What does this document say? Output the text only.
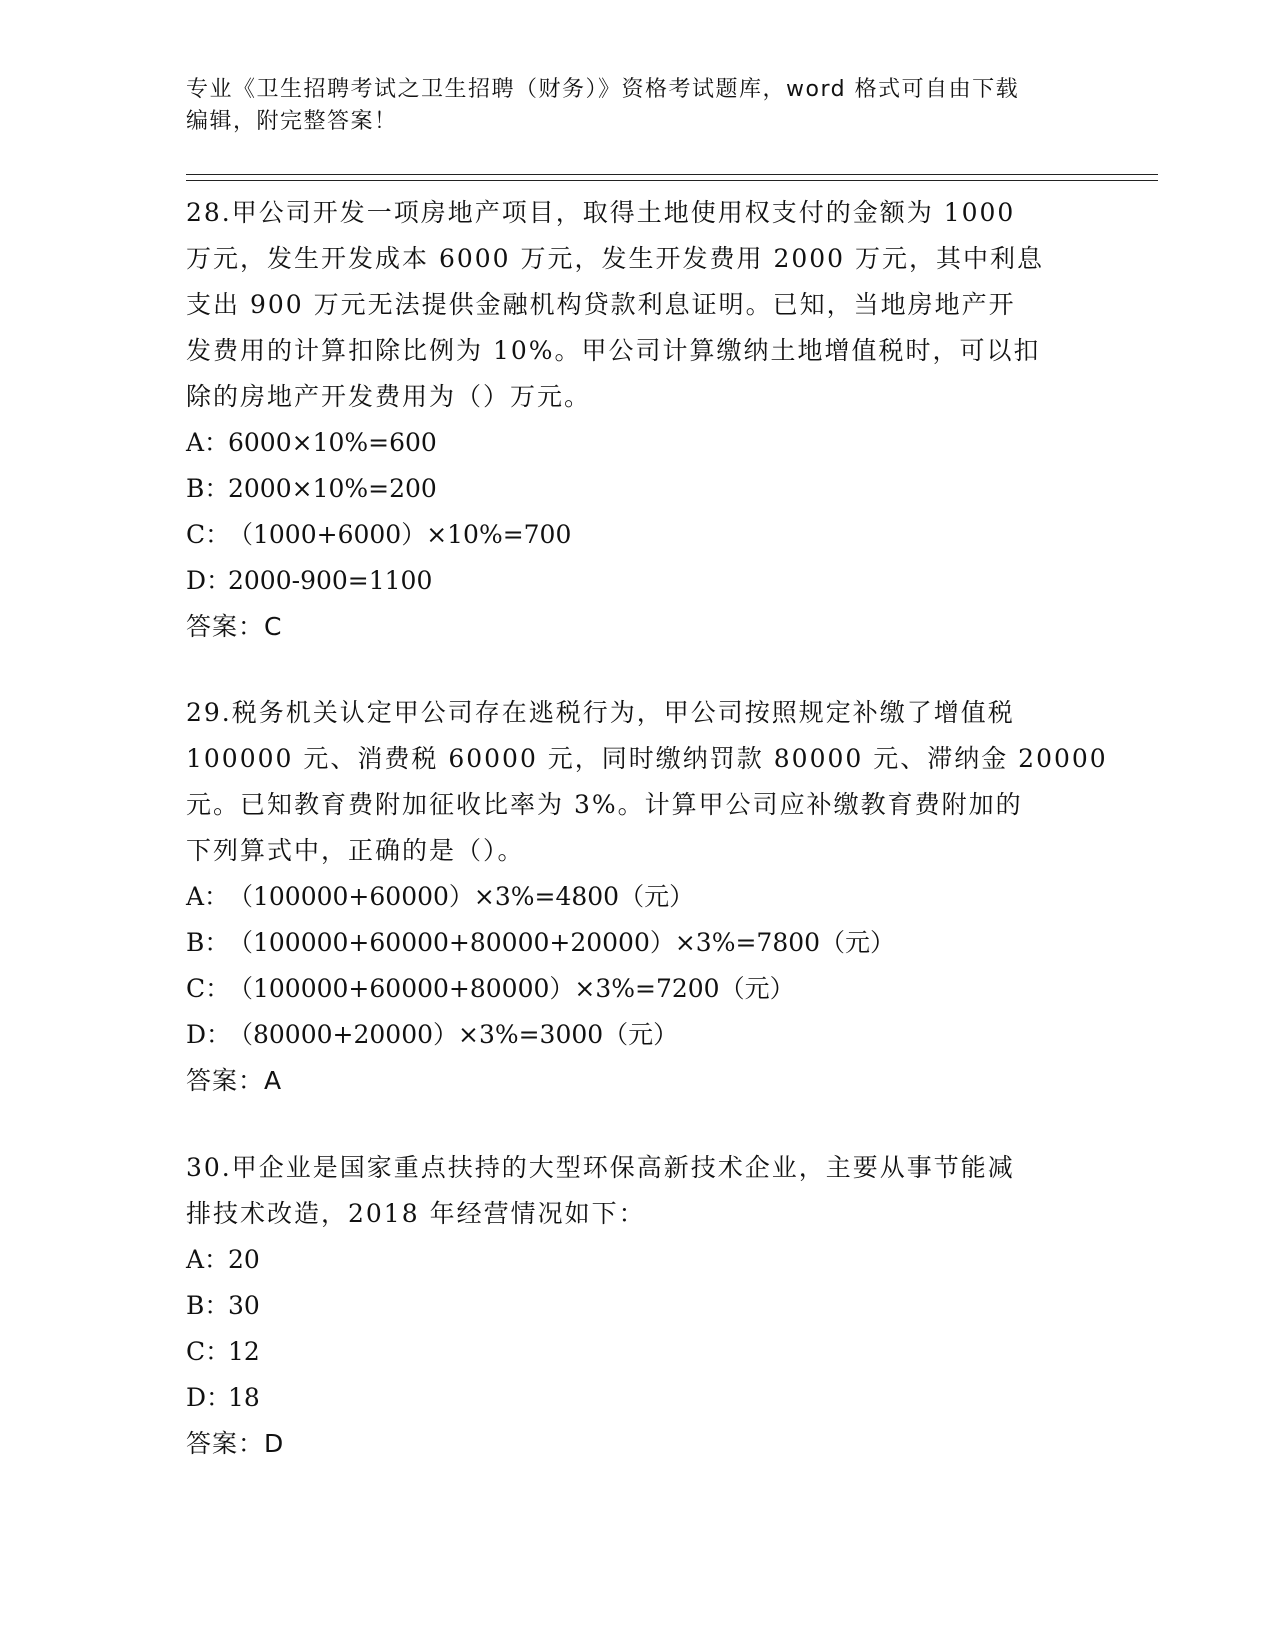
专业《卫生招聘考试之卫生招聘（财务）》资格考试题库，word 格式可自由下载
编辑，附完整答案！
28.甲公司开发一项房地产项目，取得土地使用权支付的金额为 1000
万元，发生开发成本 6000 万元，发生开发费用 2000 万元，其中利息
支出 900 万元无法提供金融机构贷款利息证明。已知，当地房地产开
发费用的计算扣除比例为 10%。甲公司计算缴纳土地增值税时，可以扣
除的房地产开发费用为（）万元。
A：6000×10%=600
B：2000×10%=200
C：（1000+6000）×10%=700
D：2000-900=1100
答案：C
29.税务机关认定甲公司存在逃税行为，甲公司按照规定补缴了增值税
100000 元、消费税 60000 元，同时缴纳罚款 80000 元、滞纳金 20000
元。已知教育费附加征收比率为 3%。计算甲公司应补缴教育费附加的
下列算式中，正确的是（）。
A：（100000+60000）×3%=4800（元）
B：（100000+60000+80000+20000）×3%=7800（元）
C：（100000+60000+80000）×3%=7200（元）
D：（80000+20000）×3%=3000（元）
答案：A
30.甲企业是国家重点扶持的大型环保高新技术企业，主要从事节能减
排技术改造，2018 年经营情况如下：
A：20
B：30
C：12
D：18
答案：D
